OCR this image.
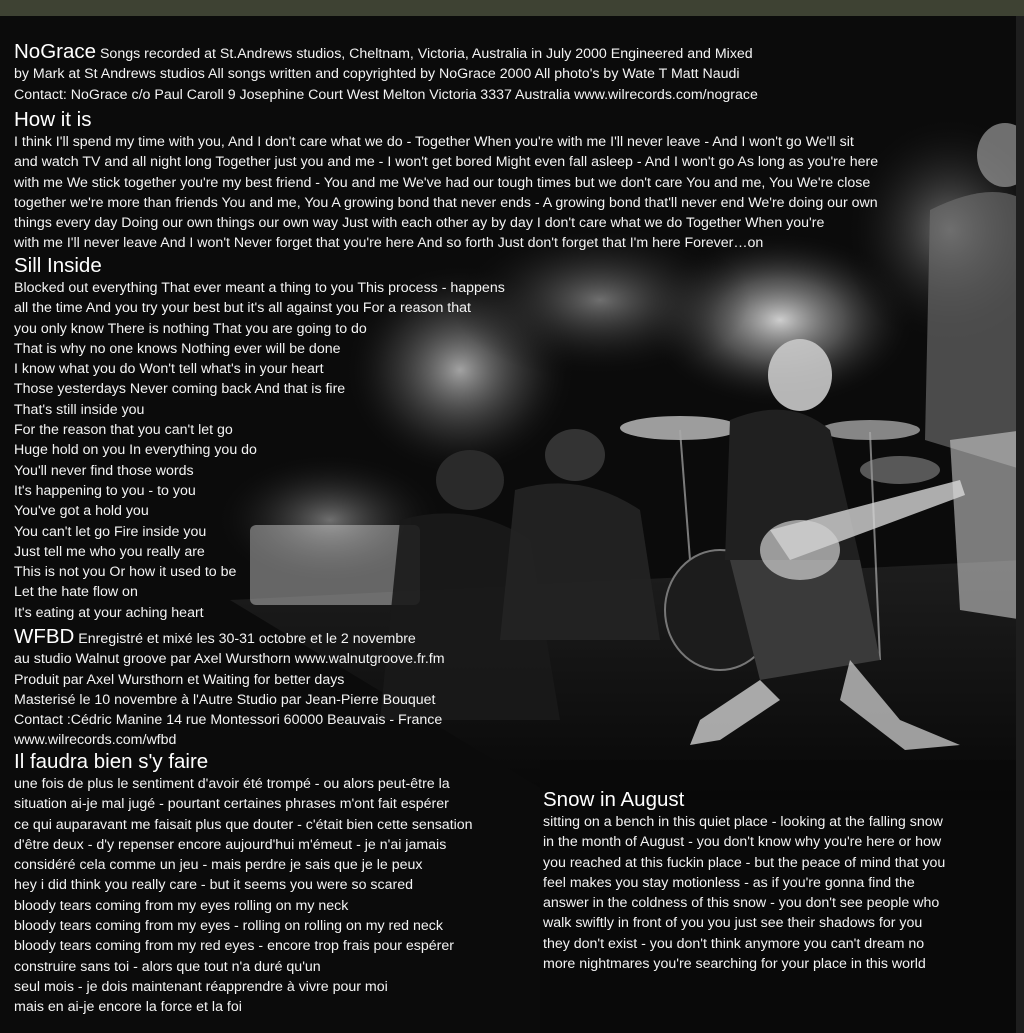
NoGrace Songs recorded at St.Andrews studios, Cheltnam, Victoria, Australia in July 2000 Engineered and Mixed
by Mark at St Andrews studios All songs written and copyrighted by NoGrace 2000 All photo's by Wate T Matt Naudi
Contact: NoGrace c/o Paul Caroll 9 Josephine Court West Melton Victoria 3337 Australia www.wilrecords.com/nograce
How it is
I think I'll spend my time with you, And I don't care what we do - Together When you're with me I'll never leave - And I won't go We'll sit
and watch TV and all night long Together just you and me - I won't get bored Might even fall asleep - And I won't go As long as you're here
with me We stick together you're my best friend - You and me We've had our tough times but we don't care You and me, You We're close
together we're more than friends You and me, You A growing bond that never ends - A growing bond that'll never end We're doing our own
things every day Doing our own things our own way Just with each other ay by day I don't care what we do Together When you're
with me I'll never leave And I won't Never forget that you're here And so forth Just don't forget that I'm here Forever…on
Sill Inside
Blocked out everything That ever meant a thing to you This process - happens
all the time And you try your best but it's all against you For a reason that
you only know There is nothing That you are going to do
That is why no one knows Nothing ever will be done
I know what you do Won't tell what's in your heart
Those yesterdays Never coming back And that is fire
That's still inside you
For the reason that you can't let go
Huge hold on you In everything you do
You'll never find those words
It's happening to you - to you
You've got a hold you
You can't let go Fire inside you
Just tell me who you really are
This is not you Or how it used to be
Let the hate flow on
It's eating at your aching heart
WFBD Enregistré et mixé les 30-31 octobre et le 2 novembre
au studio Walnut groove par Axel Wursthorn www.walnutgroove.fr.fm
Produit par Axel Wursthorn et Waiting for better days
Masterisé le 10 novembre à l'Autre Studio par Jean-Pierre Bouquet
Contact :Cédric Manine 14 rue Montessori 60000 Beauvais - France
www.wilrecords.com/wfbd
Il faudra bien s'y faire
une fois de plus le sentiment d'avoir été trompé - ou alors peut-être la
situation ai-je mal jugé - pourtant certaines phrases m'ont fait espérer
ce qui auparavant me faisait plus que douter - c'était bien cette sensation
d'être deux - d'y repenser encore aujourd'hui m'émeut - je n'ai jamais
considéré cela comme un jeu - mais perdre je sais que je le peux
hey i did think you really care - but it seems you were so scared
bloody tears coming from my eyes rolling on my neck
bloody tears coming from my eyes - rolling on rolling on my red neck
bloody tears coming from my red eyes - encore trop frais pour espérer
construire sans toi - alors que tout n'a duré qu'un
seul mois - je dois maintenant réapprendre à vivre pour moi
mais en ai-je encore la force et la foi
Snow in August
sitting on a bench in this quiet place - looking at the falling snow
in the month of August - you don't know why you're here or how
you reached at this fuckin place - but the peace of mind that you
feel makes you stay motionless - as if you're gonna find the
answer in the coldness of this snow - you don't see people who
walk swiftly in front of you you just see their shadows for you
they don't exist - you don't think anymore you can't dream no
more nightmares you're searching for your place in this world
